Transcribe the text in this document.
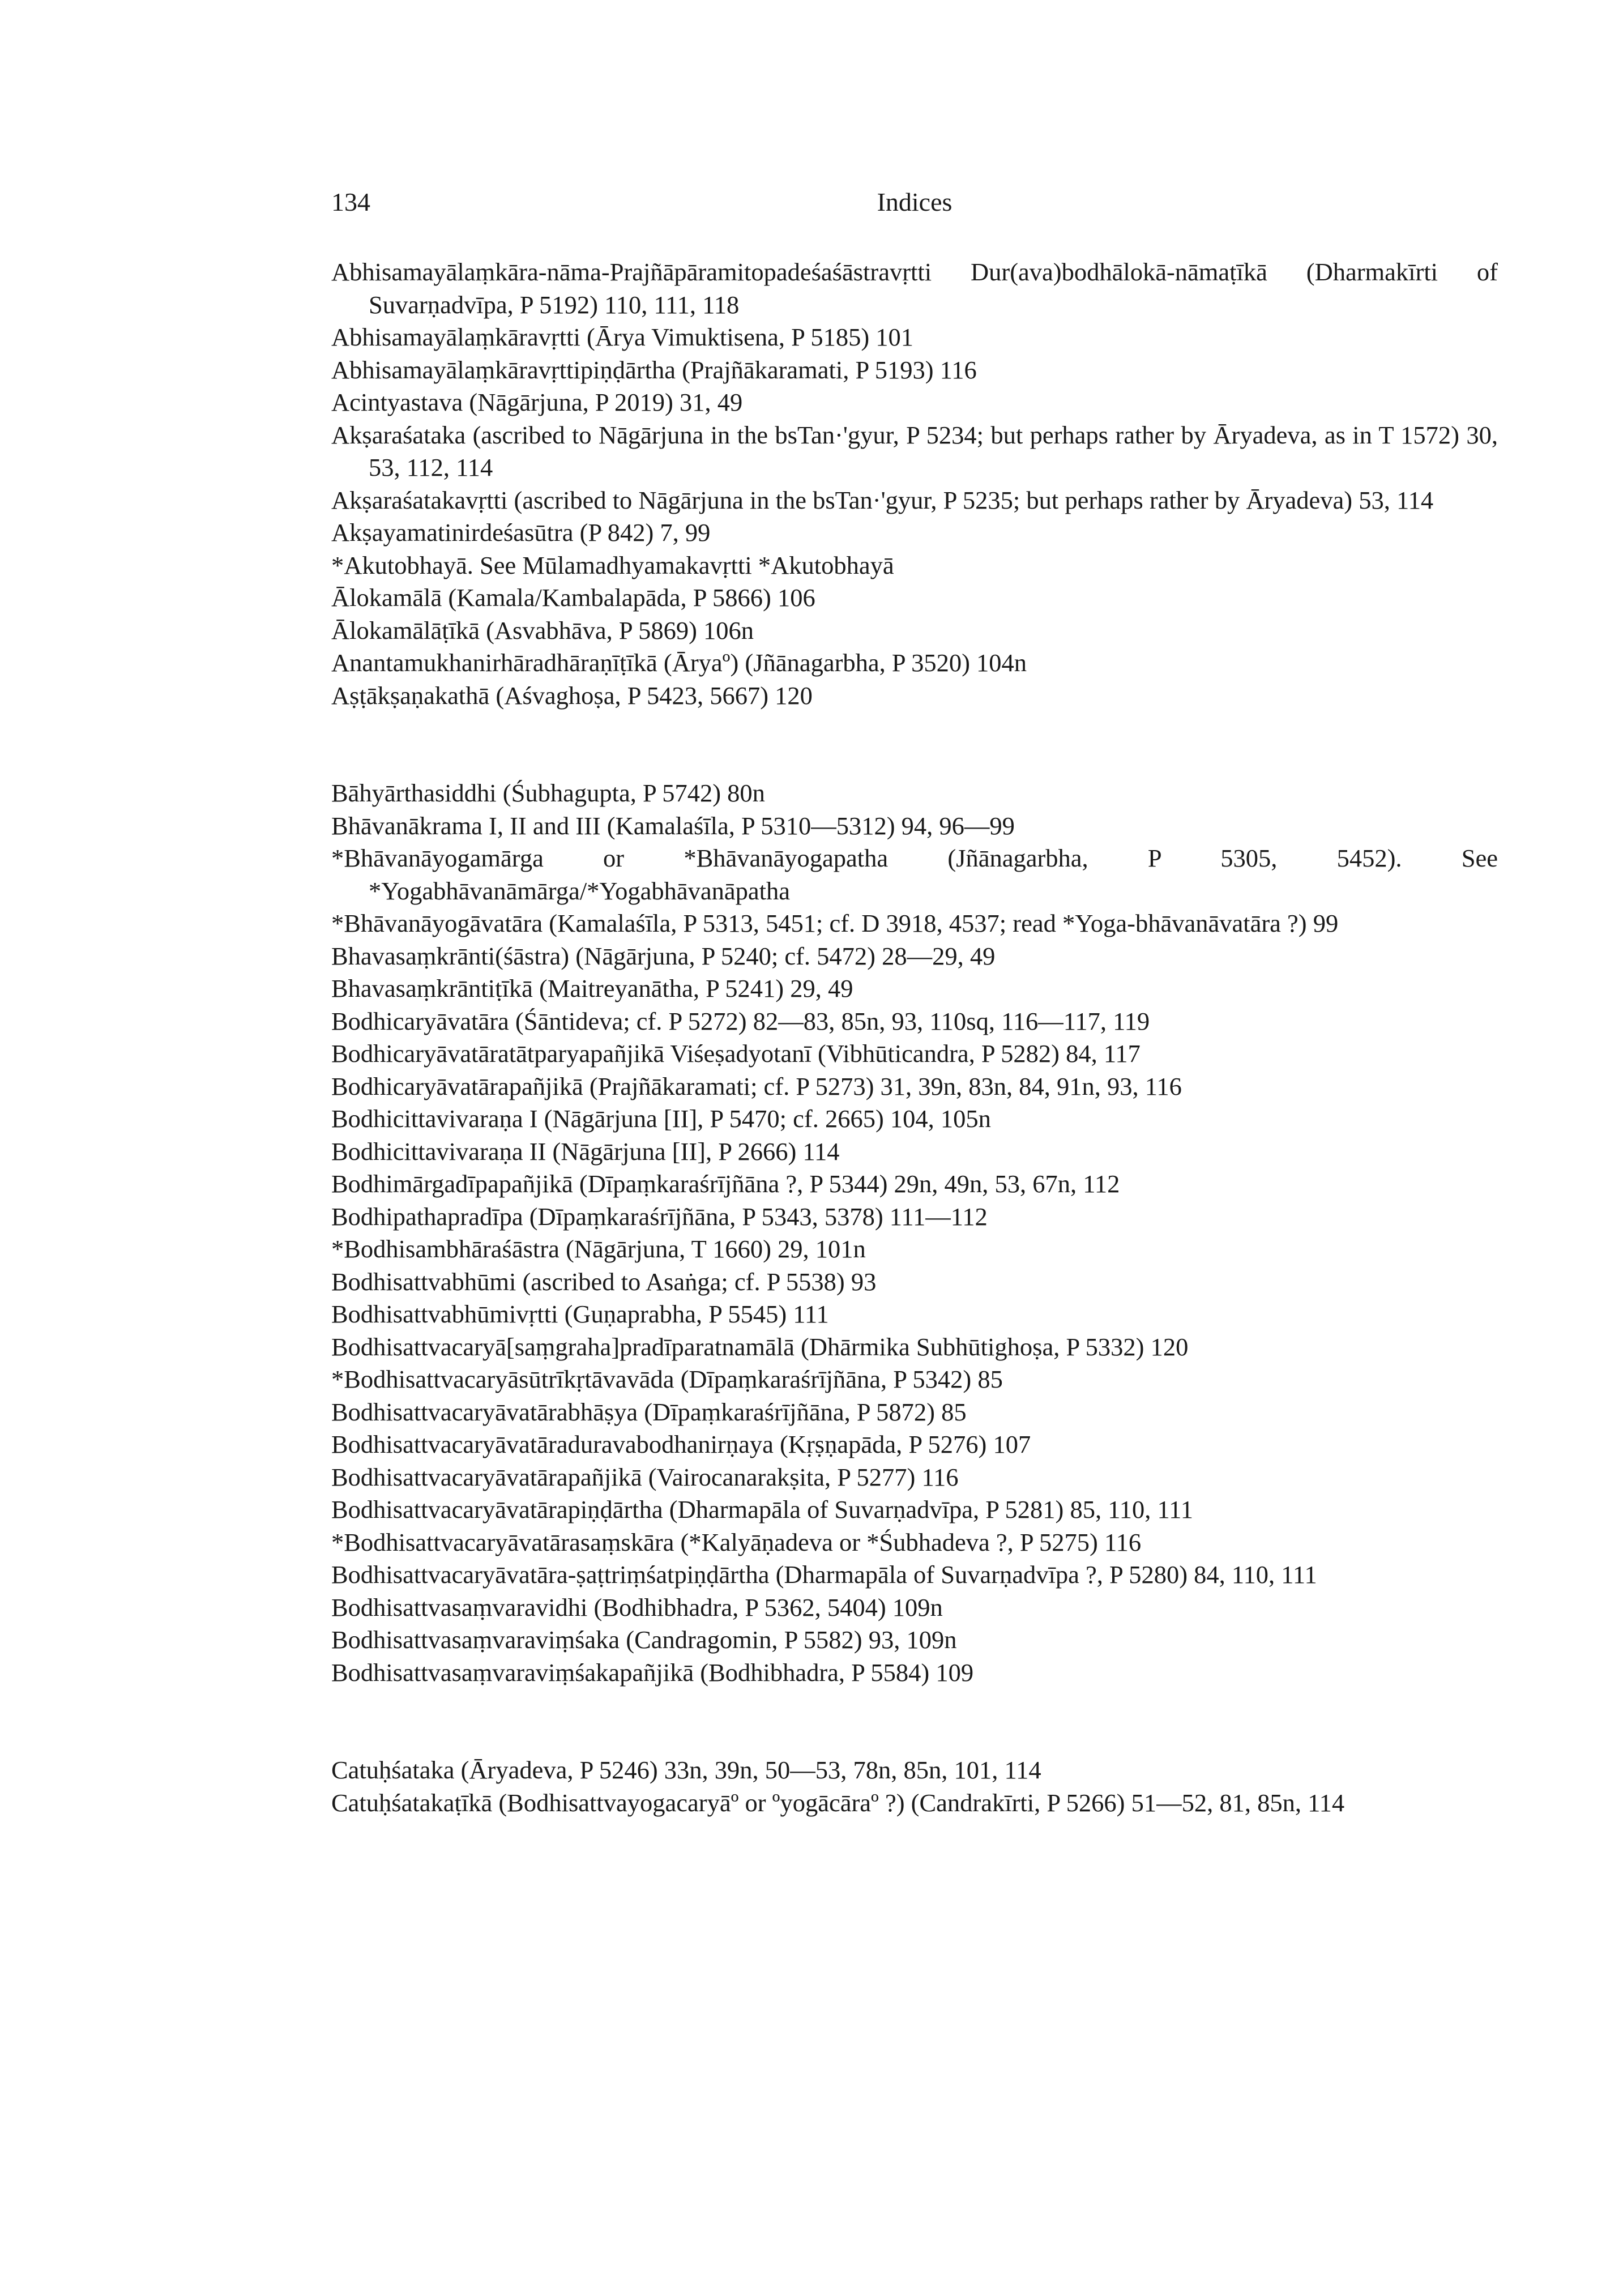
134	Indices

Abhisamayālaṃkāra-nāma-Prajñāpāramitopadeśaśāstravṛtti Dur(ava)bodhālokā-nāmaṭīkā (Dharmakīrti of Suvarṇadvīpa, P 5192) 110, 111, 118

Abhisamayālaṃkāravṛtti (Ārya Vimuktisena, P 5185) 101

Abhisamayālaṃkāravṛttipiṇḍārtha (Prajñākaramati, P 5193) 116

Acintyastava (Nāgārjuna, P 2019) 31, 49

Akṣaraśataka (ascribed to Nāgārjuna in the bsTan·'gyur, P 5234; but perhaps rather by Āryadeva, as in T 1572) 30, 53, 112, 114

Akṣaraśatakavṛtti (ascribed to Nāgārjuna in the bsTan·'gyur, P 5235; but perhaps rather by Āryadeva) 53, 114

Akṣayamatinirdeśasūtra (P 842) 7, 99

*Akutobhayā. See Mūlamadhyamakavṛtti *Akutobhayā

Ālokamālā (Kamala/Kambalapāda, P 5866) 106

Ālokamālāṭīkā (Asvabhāva, P 5869) 106n

Anantamukhanirhāradhāraṇīṭīkā (Āryaº) (Jñānagarbha, P 3520) 104n

Aṣṭākṣaṇakathā (Aśvaghoṣa, P 5423, 5667) 120

Bāhyārthasiddhi (Śubhagupta, P 5742) 80n

Bhāvanākrama I, II and III (Kamalaśīla, P 5310—5312) 94, 96—99

*Bhāvanāyogamārga or *Bhāvanāyogapatha (Jñānagarbha, P 5305, 5452). See *Yogabhāvanāmārga/*Yogabhāvanāpatha

*Bhāvanāyogāvatāra (Kamalaśīla, P 5313, 5451; cf. D 3918, 4537; read *Yoga-bhāvanāvatāra ?) 99

Bhavasaṃkrānti(śāstra) (Nāgārjuna, P 5240; cf. 5472) 28—29, 49

Bhavasaṃkrāntiṭīkā (Maitreyanātha, P 5241) 29, 49

Bodhicaryāvatāra (Śāntideva; cf. P 5272) 82—83, 85n, 93, 110sq, 116—117, 119

Bodhicaryāvatāratātparyapañjikā Viśeṣadyotanī (Vibhūticandra, P 5282) 84, 117

Bodhicaryāvatārapañjikā (Prajñākaramati; cf. P 5273) 31, 39n, 83n, 84, 91n, 93, 116

Bodhicittavivaraṇa I (Nāgārjuna [II], P 5470; cf. 2665) 104, 105n

Bodhicittavivaraṇa II (Nāgārjuna [II], P 2666) 114

Bodhimārgadīpapañjikā (Dīpaṃkaraśrījñāna ?, P 5344) 29n, 49n, 53, 67n, 112

Bodhipathapradīpa (Dīpaṃkaraśrījñāna, P 5343, 5378) 111—112

*Bodhisambhāraśāstra (Nāgārjuna, T 1660) 29, 101n

Bodhisattvabhūmi (ascribed to Asaṅga; cf. P 5538) 93

Bodhisattvabhūmivṛtti (Guṇaprabha, P 5545) 111

Bodhisattvacaryā[saṃgraha]pradīparatnamālā (Dhārmika Subhūtighoṣa, P 5332) 120

*Bodhisattvacaryāsūtrīkṛtāvavāda (Dīpaṃkaraśrījñāna, P 5342) 85

Bodhisattvacaryāvatārabhāṣya (Dīpaṃkaraśrījñāna, P 5872) 85

Bodhisattvacaryāvatāraduravabodhanirṇaya (Kṛṣṇapāda, P 5276) 107

Bodhisattvacaryāvatārapañjikā (Vairocanarakṣita, P 5277) 116

Bodhisattvacaryāvatārapiṇḍārtha (Dharmapāla of Suvarṇadvīpa, P 5281) 85, 110, 111

*Bodhisattvacaryāvatārasaṃskāra (*Kalyāṇadeva or *Śubhadeva ?, P 5275) 116

Bodhisattvacaryāvatāra-ṣaṭtriṃśatpiṇḍārtha (Dharmapāla of Suvarṇadvīpa ?, P 5280) 84, 110, 111

Bodhisattvasaṃvaravidhi (Bodhibhadra, P 5362, 5404) 109n

Bodhisattvasaṃvaraviṃśaka (Candragomin, P 5582) 93, 109n

Bodhisattvasaṃvaraviṃśakapañjikā (Bodhibhadra, P 5584) 109

Catuḥśataka (Āryadeva, P 5246) 33n, 39n, 50—53, 78n, 85n, 101, 114

Catuḥśatakaṭīkā (Bodhisattvayogacaryāº or ºyogācāraº ?) (Candrakīrti, P 5266) 51—52, 81, 85n, 114
